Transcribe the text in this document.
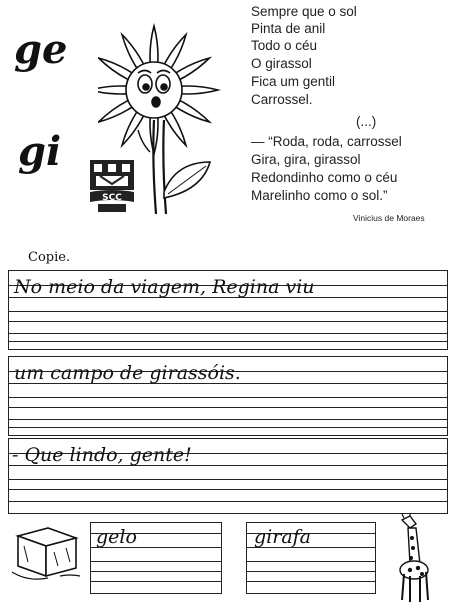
ge
gi
SCC
Sempre que o sol
Pinta de anil
Todo o céu
O girassol
Fica um gentil
Carrossel.
(...)
— “Roda, roda, carrossel
Gira, gira, girassol
Redondinho como o céu
Marelinho como o sol.”
Vinicius de Moraes
Copie.
No meio da viagem, Regina viu
um campo de girassóis.
- Que lindo, gente!
gelo	girafa
